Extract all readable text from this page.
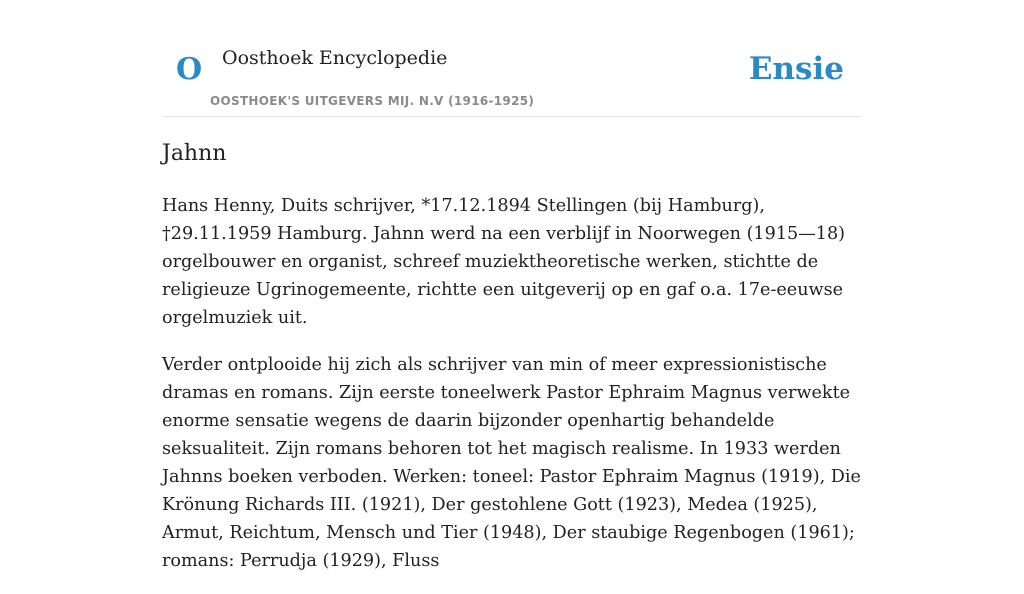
O Oosthoek Encyclopedie
OOSTHOEK'S UITGEVERS MIJ. N.V (1916-1925)
Ensie
Jahnn

Hans Henny, Duits schrijver, *17.12.1894 Stellingen (bij Hamburg), †29.11.1959 Hamburg. Jahnn werd na een verblijf in Noorwegen (1915—18) orgelbouwer en organist, schreef muziektheoretische werken, stichtte de religieuze Ugrinogemeente, richtte een uitgeverij op en gaf o.a. 17e-eeuwse orgelmuziek uit.

Verder ontplooide hij zich als schrijver van min of meer expressionistische dramas en romans. Zijn eerste toneelwerk Pastor Ephraim Magnus verwekte enorme sensatie wegens de daarin bijzonder openhartig behandelde seksualiteit. Zijn romans behoren tot het magisch realisme. In 1933 werden Jahnns boeken verboden. Werken: toneel: Pastor Ephraim Magnus (1919), Die Krönung Richards III. (1921), Der gestohlene Gott (1923), Medea (1925), Armut, Reichtum, Mensch und Tier (1948), Der staubige Regenbogen (1961); romans: Perrudja (1929), Fluss
